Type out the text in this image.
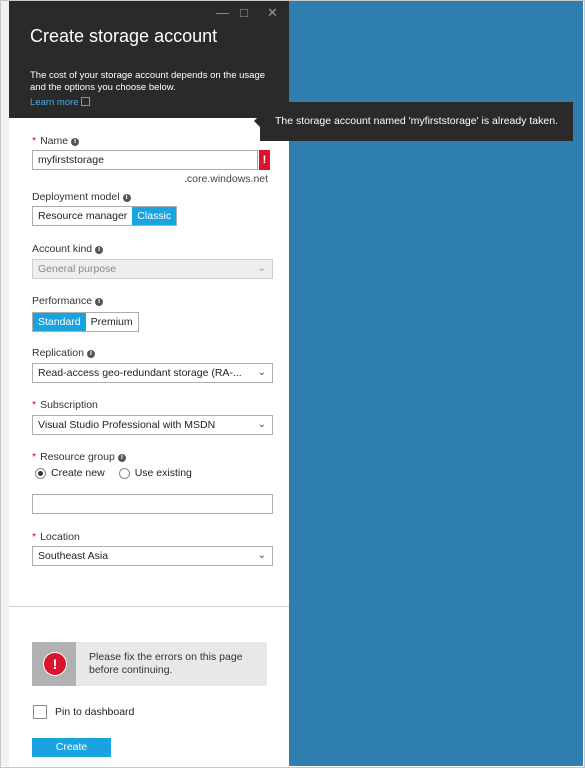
— □ ✕
Create storage account
The cost of your storage account depends on the usage and the options you choose below.
Learn more
* Name i
myfirststorage	!
.core.windows.net
Deployment model i
Resource manager Classic
Account kind i
General purpose	⌄
Performance i
Standard Premium
Replication i
Read-access geo-redundant storage (RA-... ⌄
* Subscription
Visual Studio Professional with MSDN	⌄
* Resource group i
Create new	Use existing
* Location
Southeast Asia	⌄
!	Please fix the errors on this page before continuing.
Pin to dashboard
Create
The storage account named 'myfirststorage' is already taken.
